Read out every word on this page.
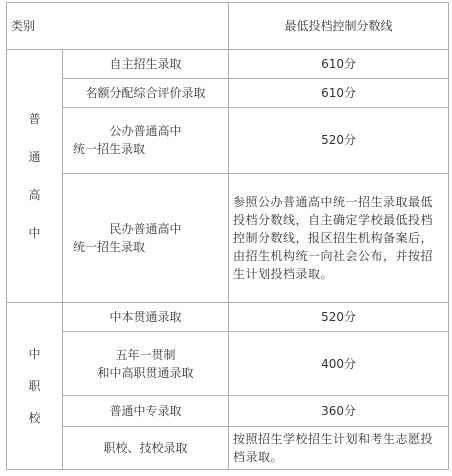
类别		最低投档控制分数线

普
通
高
中	自主招生录取	610分
	名额分配综合评价录取	610分

	公办普通高中
统一招生录取	520分

	民办普通高中
统一招生录取	参照公办普通高中统一招生录取最低投档分数线，自主确定学校最低投档控制分数线，报区招生机构备案后，由招生机构统一向社会公布，并按招生计划投档录取。

中
职
校	中本贯通录取	520分

	五年一贯制
和中高职贯通录取	400分
	普通中专录取	360分
	职校、技校录取	按照招生学校招生计划和考生志愿投档录取。
